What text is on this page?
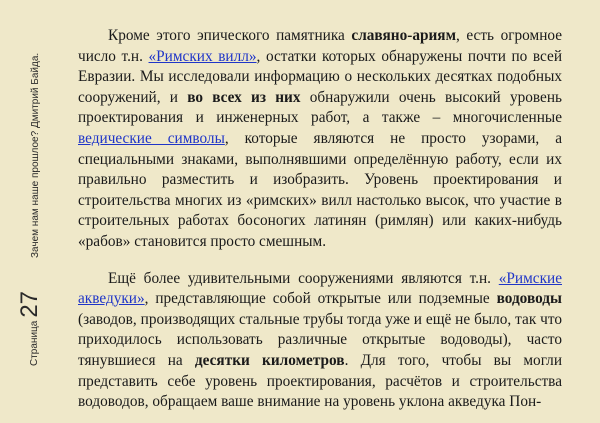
Страница
27
Зачем нам наше прошлое? Дмитрий Байда.

Кроме этого эпического памятника славяно-ариям, есть огромное число т.н. «Римских вилл», остатки которых обнаружены почти по всей Евразии. Мы исследовали информацию о нескольких десятках подобных сооружений, и во всех из них обнаружили очень высокий уровень проектирования и инженерных работ, а также – многочисленные ведические символы, которые являются не просто узорами, а специальными знаками, выполнявшими определённую работу, если их правильно разместить и изобразить. Уровень проектирования и строительства многих из «римских» вилл настолько высок, что участие в строительных работах босоногих латинян (римлян) или каких-нибудь «рабов» становится просто смешным.

Ещё более удивительными сооружениями являются т.н. «Римские акведуки», представляющие собой открытые или подземные водоводы (заводов, производящих стальные трубы тогда уже и ещё не было, так что приходилось использовать различные открытые водоводы), часто тянувшиеся на десятки километров. Для того, чтобы вы могли представить себе уровень проектирования, расчётов и строительства водоводов, обращаем ваше внимание на уровень уклона акведука Пон-
